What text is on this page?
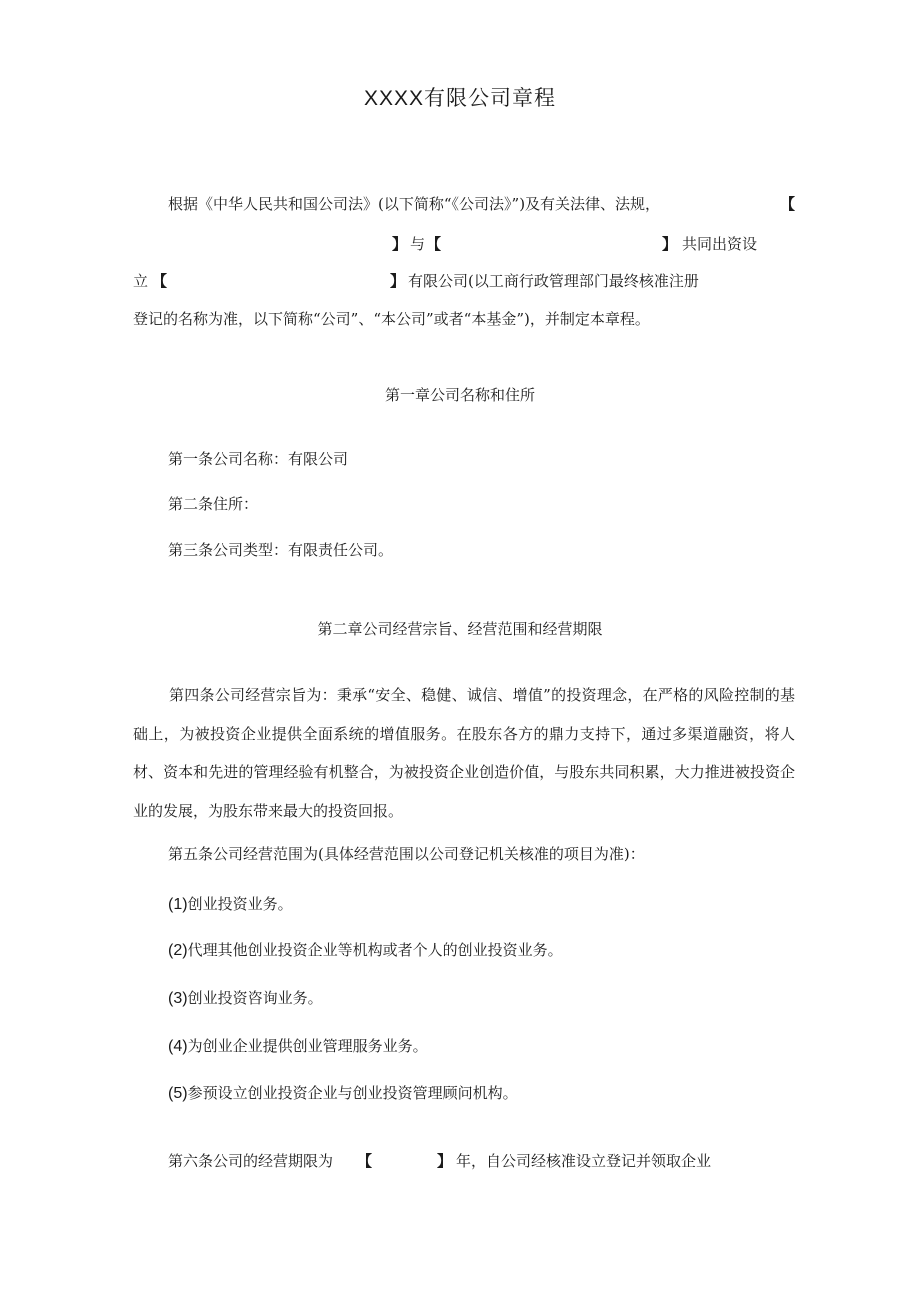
XXXX有限公司章程
根据《中华人民共和国公司法》(以下简称“《公司法》”)及有关法律、法规，	【
】 与 【	】 共同出资设
立 【	】 有限公司(以工商行政管理部门最终核准注册
登记的名称为准，以下简称“公司”、“本公司”或者“本基金”)，并制定本章程。
第一章公司名称和住所
第一条公司名称：有限公司
第二条住所：
第三条公司类型：有限责任公司。
第二章公司经营宗旨、经营范围和经营期限
第四条公司经营宗旨为：秉承“安全、稳健、诚信、增值”的投资理念，在严格的风险控制的基础上，为被投资企业提供全面系统的增值服务。在股东各方的鼎力支持下，通过多渠道融资，将人材、资本和先进的管理经验有机整合，为被投资企业创造价值，与股东共同积累，大力推进被投资企业的发展，为股东带来最大的投资回报。
第五条公司经营范围为(具体经营范围以公司登记机关核准的项目为准)：
(1)创业投资业务。
(2)代理其他创业投资企业等机构或者个人的创业投资业务。
(3)创业投资咨询业务。
(4)为创业企业提供创业管理服务业务。
(5)参预设立创业投资企业与创业投资管理顾问机构。
第六条公司的经营期限为 【	】 年，自公司经核准设立登记并领取企业
